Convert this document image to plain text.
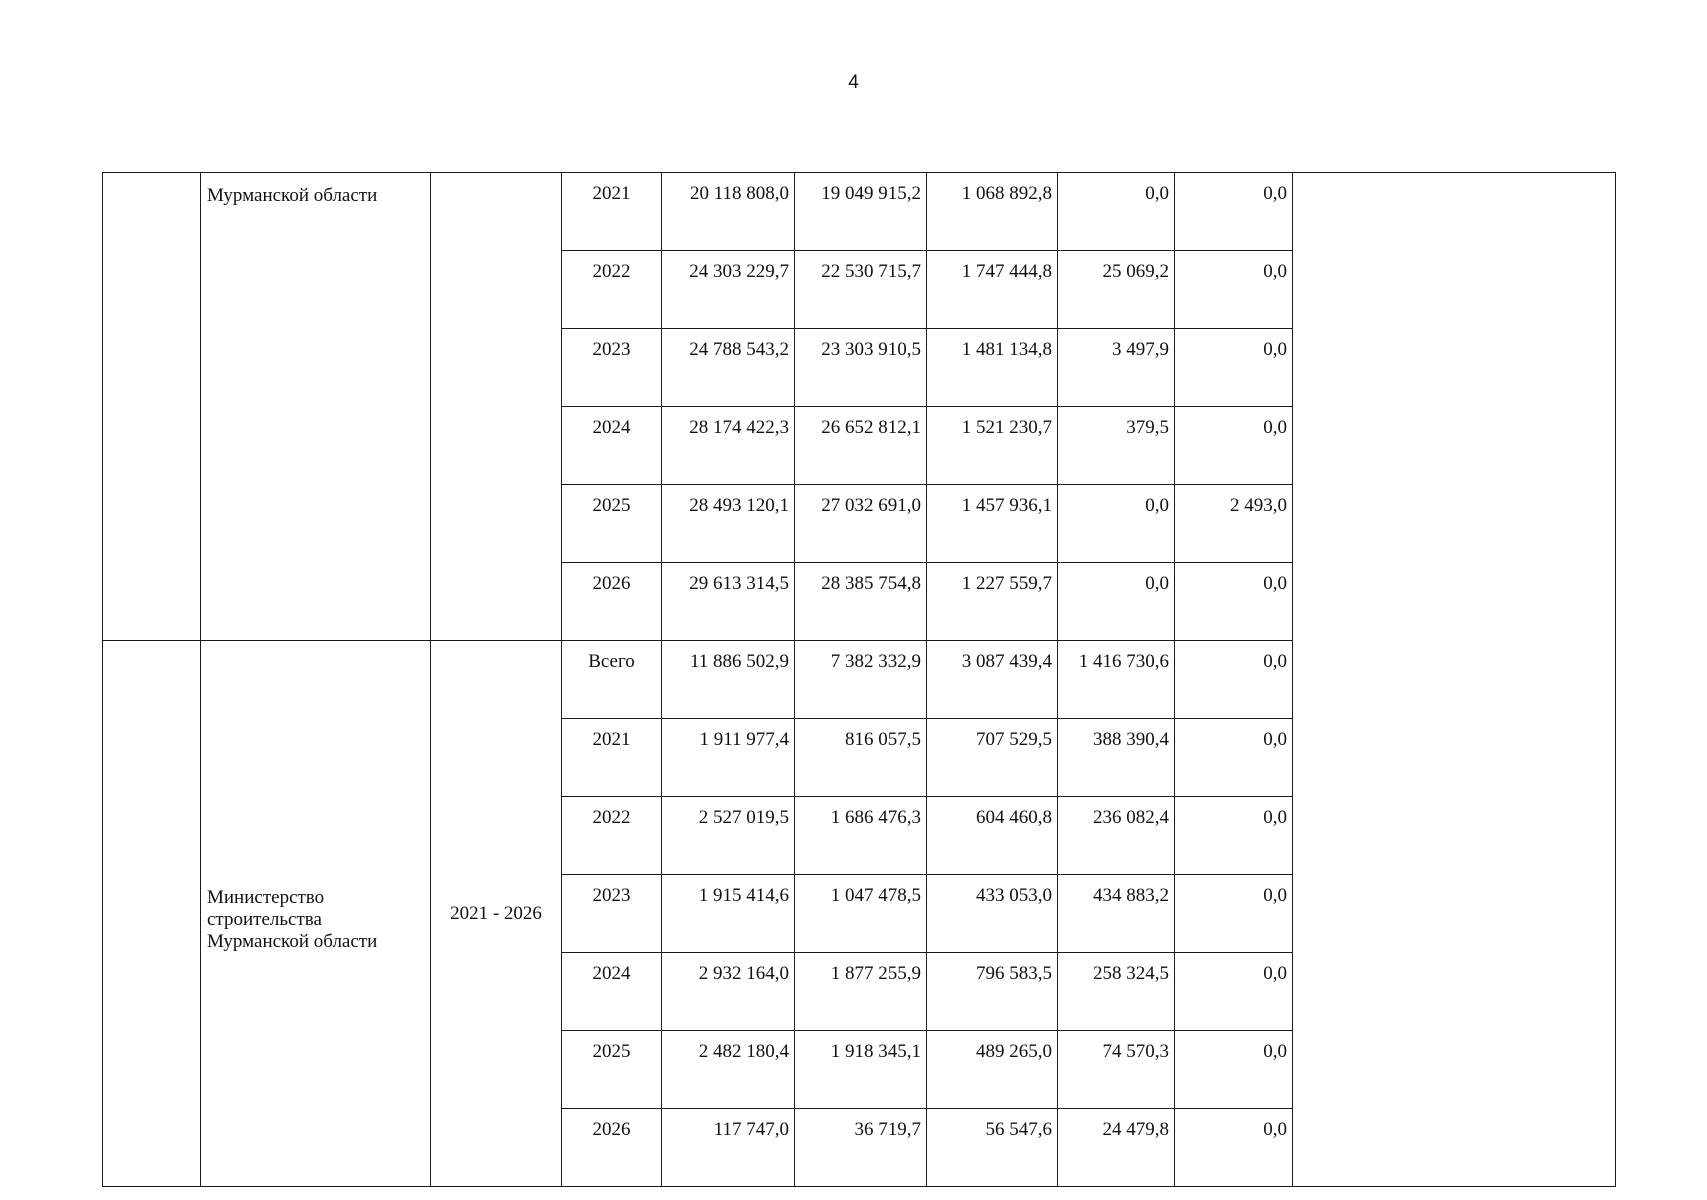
4
	Мурманской области		2021	20 118 808,0	19 049 915,2	1 068 892,8	0,0	0,0	
			2022	24 303 229,7	22 530 715,7	1 747 444,8	25 069,2	0,0	
			2023	24 788 543,2	23 303 910,5	1 481 134,8	3 497,9	0,0	
			2024	28 174 422,3	26 652 812,1	1 521 230,7	379,5	0,0	
			2025	28 493 120,1	27 032 691,0	1 457 936,1	0,0	2 493,0	
			2026	29 613 314,5	28 385 754,8	1 227 559,7	0,0	0,0	
	Министерство строительства Мурманской области	2021 - 2026	Всего	11 886 502,9	7 382 332,9	3 087 439,4	1 416 730,6	0,0	
			2021	1 911 977,4	816 057,5	707 529,5	388 390,4	0,0	
			2022	2 527 019,5	1 686 476,3	604 460,8	236 082,4	0,0	
			2023	1 915 414,6	1 047 478,5	433 053,0	434 883,2	0,0	
			2024	2 932 164,0	1 877 255,9	796 583,5	258 324,5	0,0	
			2025	2 482 180,4	1 918 345,1	489 265,0	74 570,3	0,0	
			2026	117 747,0	36 719,7	56 547,6	24 479,8	0,0	
